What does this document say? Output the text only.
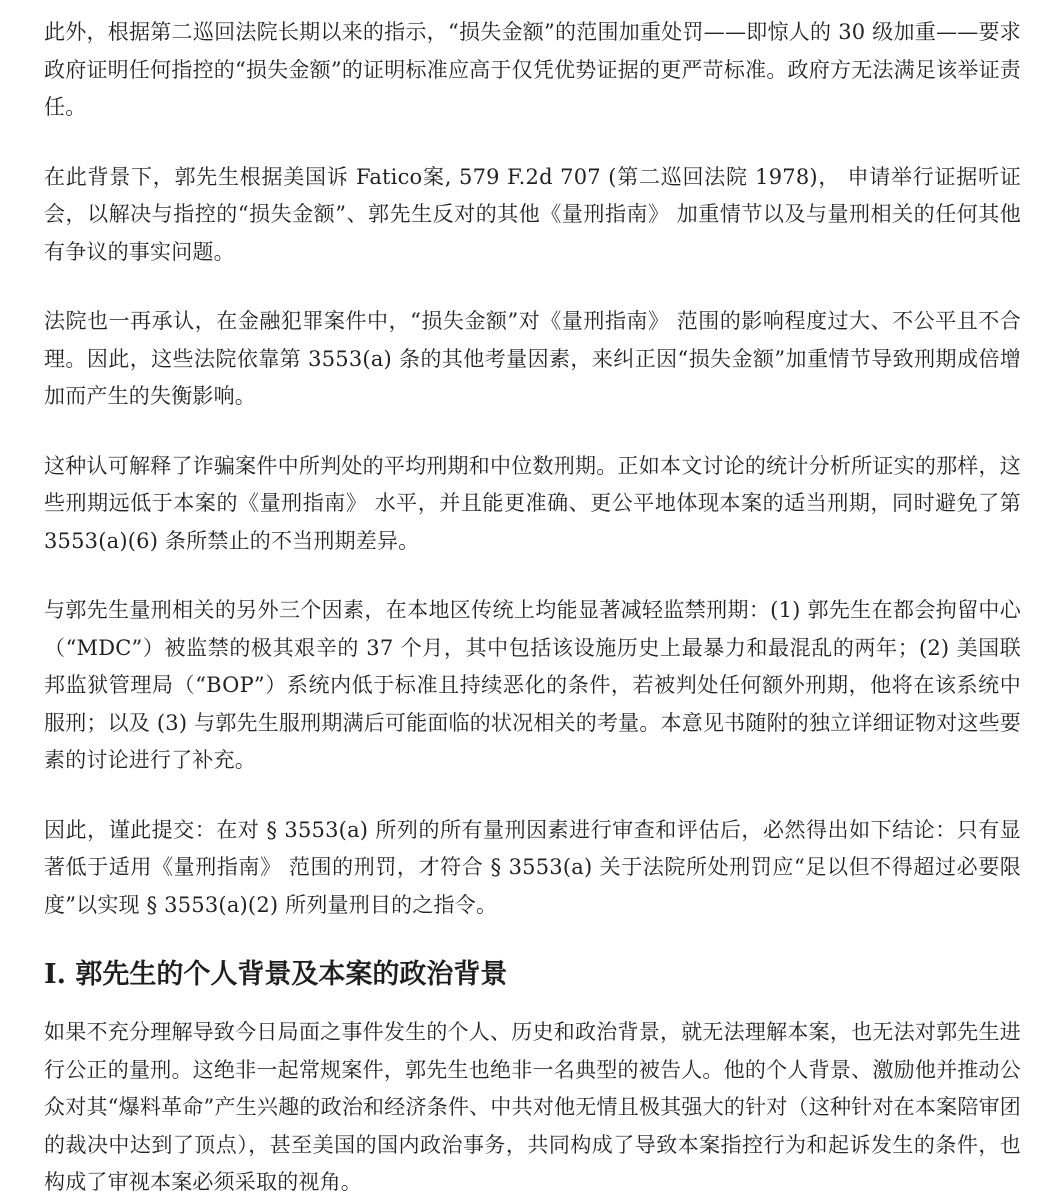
此外，根据第二巡回法院长期以来的指示，“损失金额”的范围加重处罚——即惊人的 30 级加重——要求政府证明任何指控的“损失金额”的证明标准应高于仅凭优势证据的更严苛标准。政府方无法满足该举证责任。

在此背景下，郭先生根据美国诉 Fatico案, 579 F.2d 707 (第二巡回法院 1978)， 申请举行证据听证会，以解决与指控的“损失金额”、郭先生反对的其他《量刑指南》 加重情节以及与量刑相关的任何其他有争议的事实问题。

法院也一再承认，在金融犯罪案件中，“损失金额”对《量刑指南》 范围的影响程度过大、不公平且不合理。因此，这些法院依靠第 3553(a) 条的其他考量因素，来纠正因“损失金额”加重情节导致刑期成倍增加而产生的失衡影响。

这种认可解释了诈骗案件中所判处的平均刑期和中位数刑期。正如本文讨论的统计分析所证实的那样，这些刑期远低于本案的《量刑指南》 水平，并且能更准确、更公平地体现本案的适当刑期，同时避免了第 3553(a)(6) 条所禁止的不当刑期差异。

与郭先生量刑相关的另外三个因素，在本地区传统上均能显著减轻监禁刑期：(1) 郭先生在都会拘留中心（“MDC”）被监禁的极其艰辛的 37 个月，其中包括该设施历史上最暴力和最混乱的两年；(2) 美国联邦监狱管理局（“BOP”）系统内低于标准且持续恶化的条件，若被判处任何额外刑期，他将在该系统中服刑；以及 (3) 与郭先生服刑期满后可能面临的状况相关的考量。本意见书随附的独立详细证物对这些要素的讨论进行了补充。

因此，谨此提交：在对 § 3553(a) 所列的所有量刑因素进行审查和评估后，必然得出如下结论：只有显著低于适用《量刑指南》 范围的刑罚，才符合 § 3553(a) 关于法院所处刑罚应“足以但不得超过必要限度”以实现 § 3553(a)(2) 所列量刑目的之指令。

I. 郭先生的个人背景及本案的政治背景

如果不充分理解导致今日局面之事件发生的个人、历史和政治背景，就无法理解本案，也无法对郭先生进行公正的量刑。这绝非一起常规案件，郭先生也绝非一名典型的被告人。他的个人背景、激励他并推动公众对其“爆料革命”产生兴趣的政治和经济条件、中共对他无情且极其强大的针对（这种针对在本案陪审团的裁决中达到了顶点），甚至美国的国内政治事务，共同构成了导致本案指控行为和起诉发生的条件，也构成了审视本案必须采取的视角。
